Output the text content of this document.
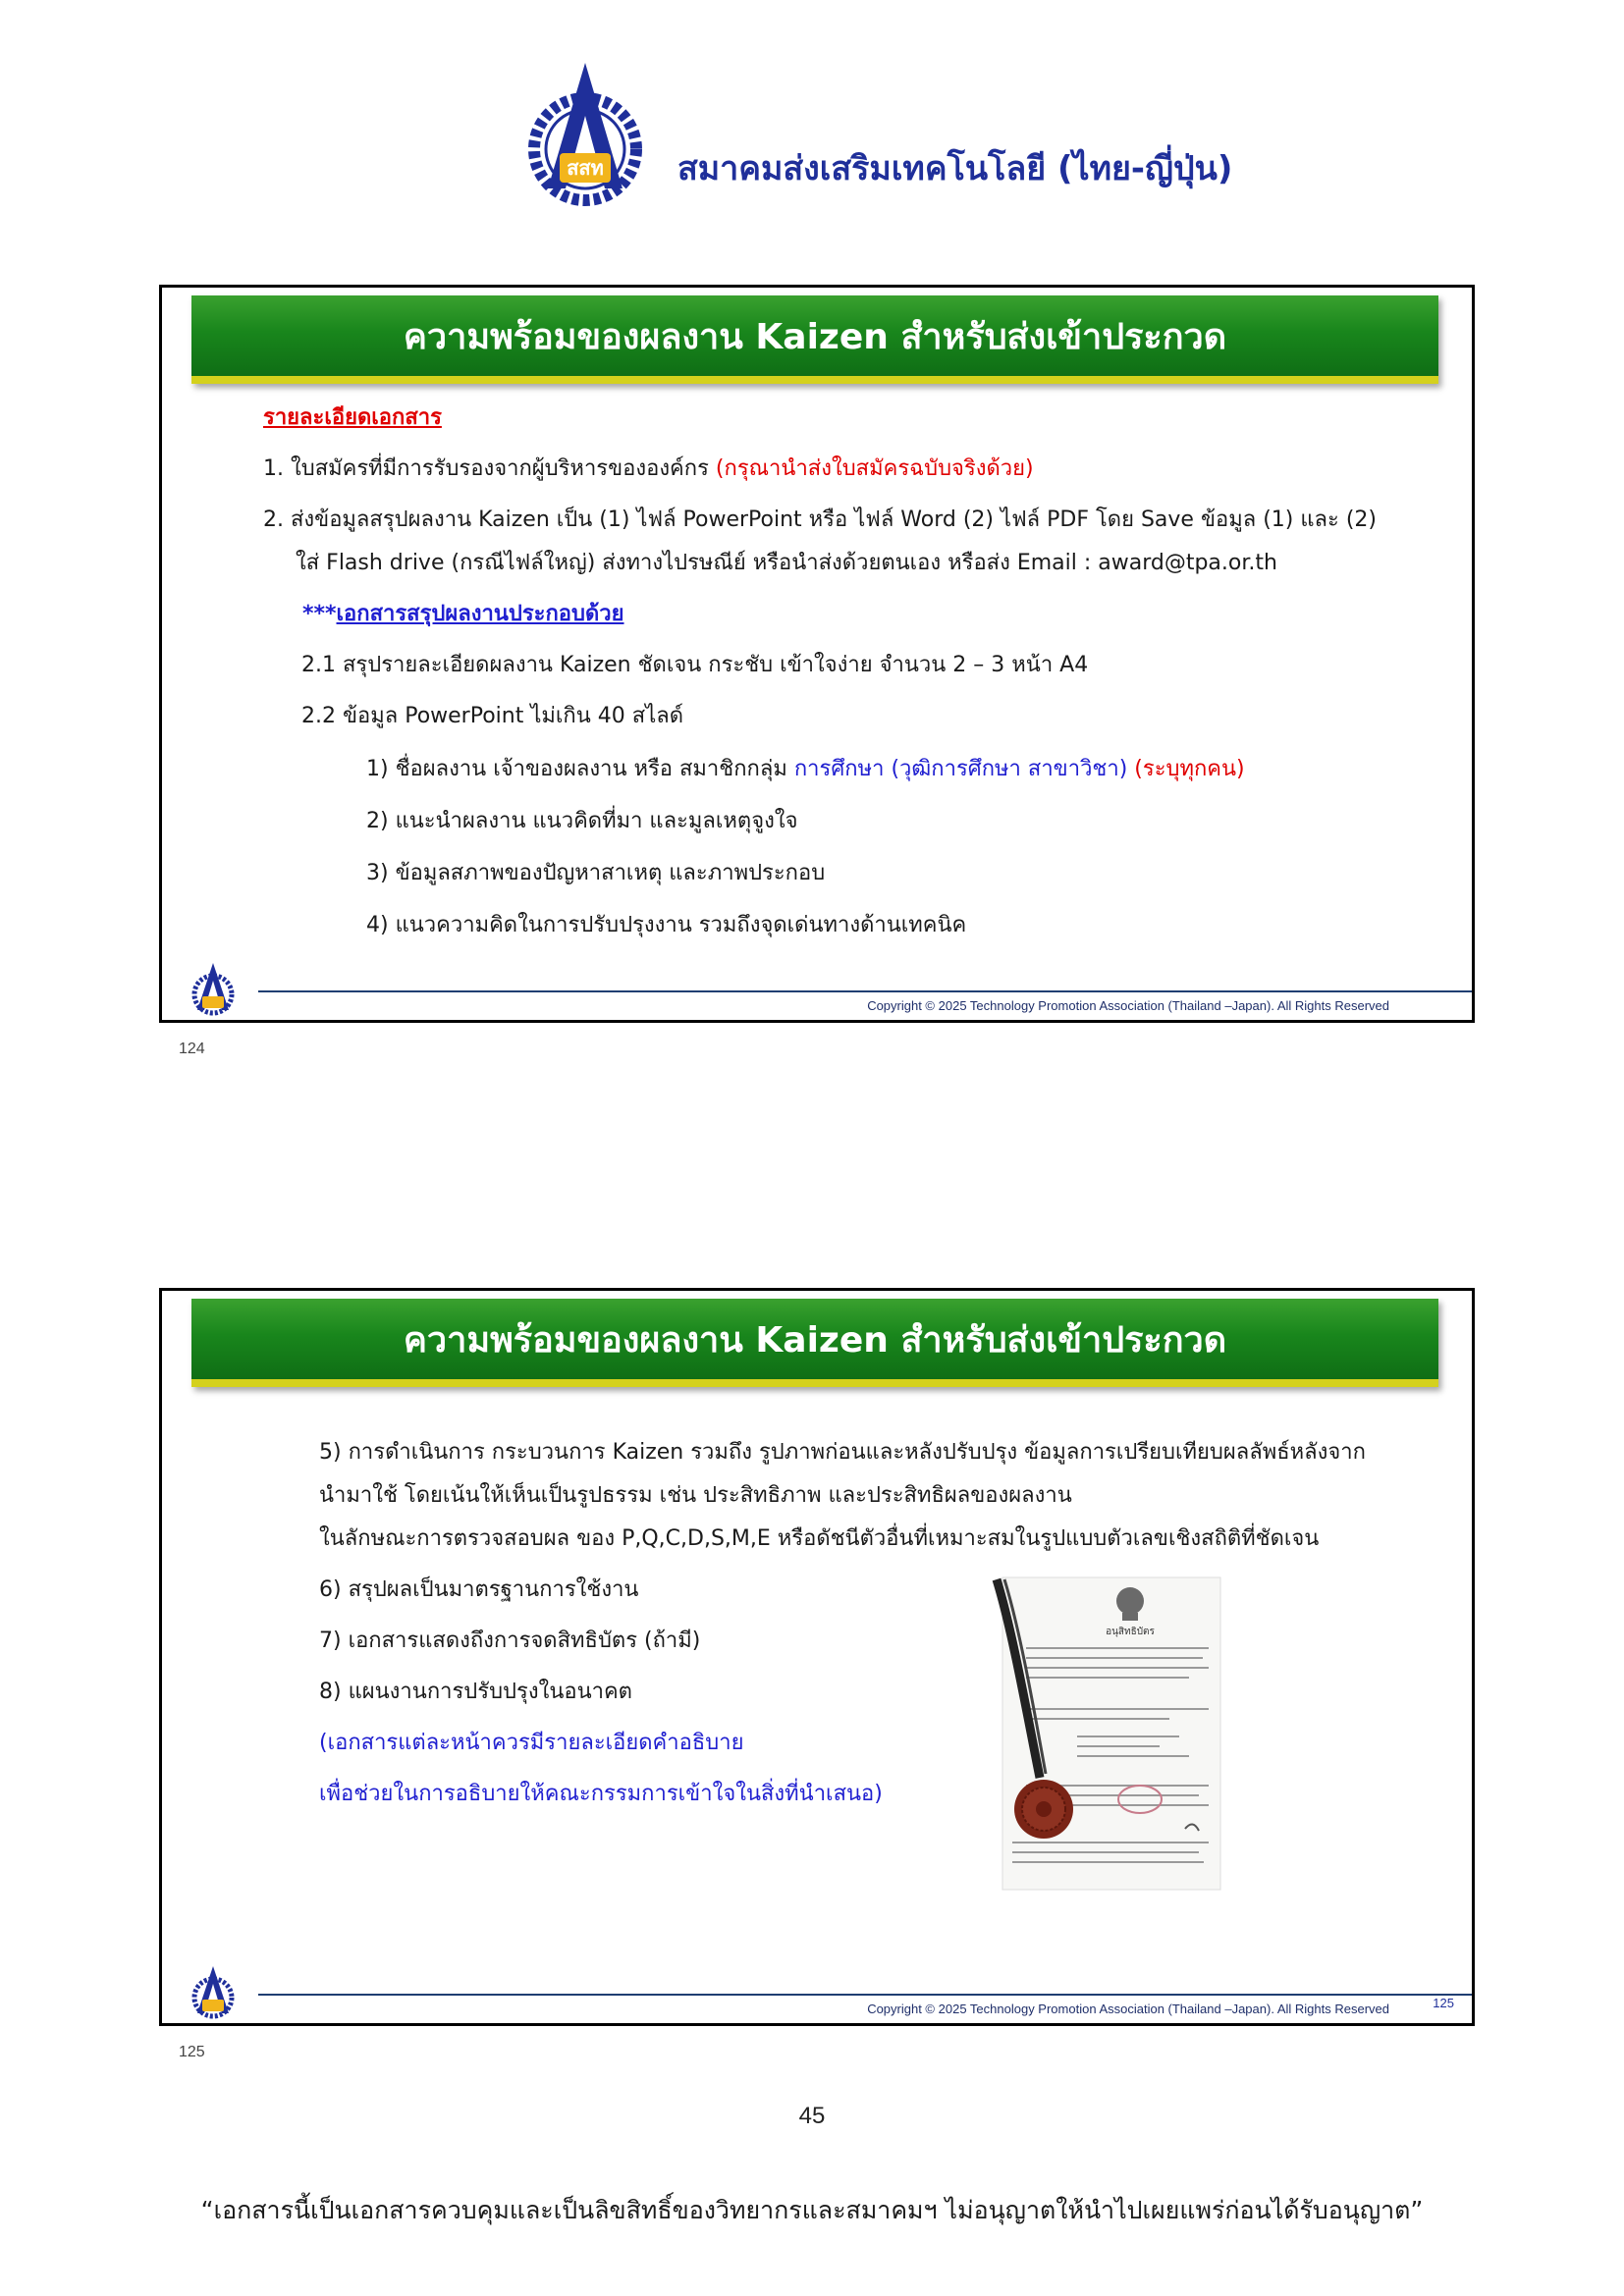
สสท สมาคมส่งเสริมเทคโนโลยี (ไทย-ญี่ปุ่น)
ความพร้อมของผลงาน Kaizen สำหรับส่งเข้าประกวด
รายละเอียดเอกสาร
1. ใบสมัครที่มีการรับรองจากผู้บริหารขององค์กร (กรุณานำส่งใบสมัครฉบับจริงด้วย)
2. ส่งข้อมูลสรุปผลงาน Kaizen เป็น (1) ไฟล์ PowerPoint หรือ ไฟล์ Word (2) ไฟล์ PDF โดย Save ข้อมูล (1) และ (2)
ใส่ Flash drive (กรณีไฟล์ใหญ่) ส่งทางไปรษณีย์ หรือนำส่งด้วยตนเอง หรือส่ง Email : award@tpa.or.th
***เอกสารสรุปผลงานประกอบด้วย
2.1 สรุปรายละเอียดผลงาน Kaizen ชัดเจน กระชับ เข้าใจง่าย จำนวน 2 – 3 หน้า A4
2.2 ข้อมูล PowerPoint ไม่เกิน 40 สไลด์
1) ชื่อผลงาน เจ้าของผลงาน หรือ สมาชิกกลุ่ม การศึกษา (วุฒิการศึกษา สาขาวิชา) (ระบุทุกคน)
2) แนะนำผลงาน แนวคิดที่มา และมูลเหตุจูงใจ
3) ข้อมูลสภาพของปัญหาสาเหตุ และภาพประกอบ
4) แนวความคิดในการปรับปรุงงาน รวมถึงจุดเด่นทางด้านเทคนิค
Copyright © 2025 Technology Promotion Association (Thailand –Japan). All Rights Reserved
124
ความพร้อมของผลงาน Kaizen สำหรับส่งเข้าประกวด
5) การดำเนินการ กระบวนการ Kaizen รวมถึง รูปภาพก่อนและหลังปรับปรุง ข้อมูลการเปรียบเทียบผลลัพธ์หลังจาก
นำมาใช้ โดยเน้นให้เห็นเป็นรูปธรรม เช่น ประสิทธิภาพ และประสิทธิผลของผลงาน
ในลักษณะการตรวจสอบผล ของ P,Q,C,D,S,M,E หรือดัชนีตัวอื่นที่เหมาะสมในรูปแบบตัวเลขเชิงสถิติที่ชัดเจน
6) สรุปผลเป็นมาตรฐานการใช้งาน
7) เอกสารแสดงถึงการจดสิทธิบัตร (ถ้ามี)
8) แผนงานการปรับปรุงในอนาคต
(เอกสารแต่ละหน้าควรมีรายละเอียดคำอธิบาย
เพื่อช่วยในการอธิบายให้คณะกรรมการเข้าใจในสิ่งที่นำเสนอ)
อนุสิทธิบัตร
Copyright © 2025 Technology Promotion Association (Thailand –Japan). All Rights Reserved	125
125
45
“เอกสารนี้เป็นเอกสารควบคุมและเป็นลิขสิทธิ์ของวิทยากรและสมาคมฯ ไม่อนุญาตให้นำไปเผยแพร่ก่อนได้รับอนุญาต”
